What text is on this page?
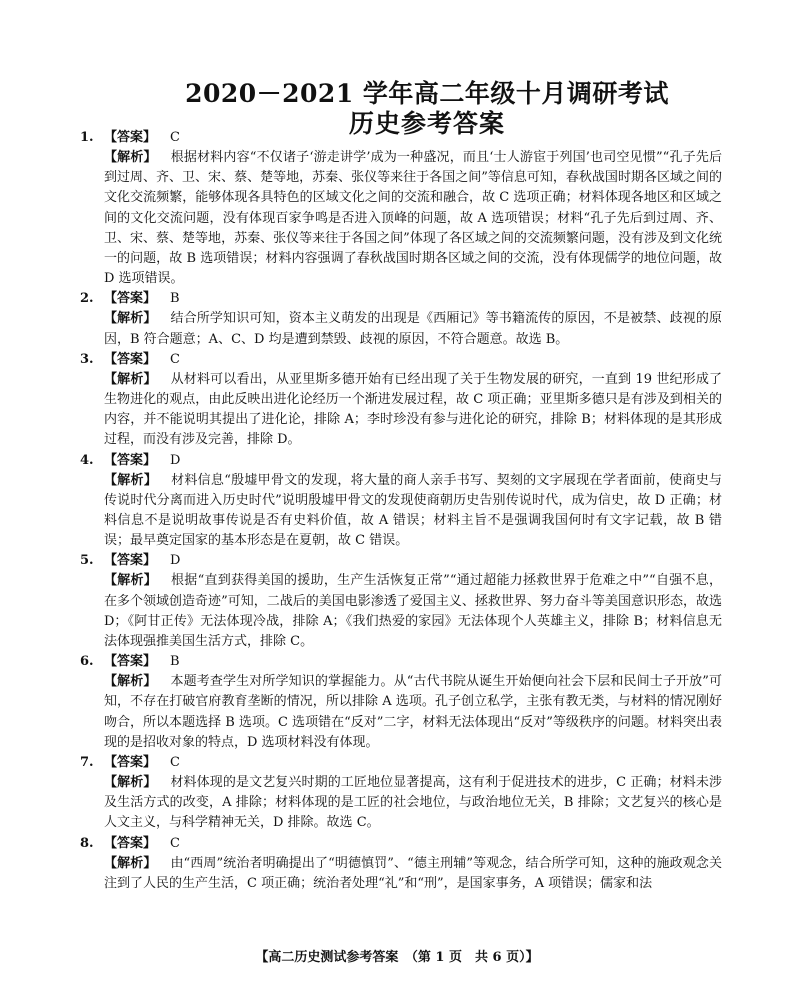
2020－2021 学年高二年级十月调研考试
历史参考答案
1. 【答案】 C

【解析】 根据材料内容“不仅诸子‘游走讲学’成为一种盛况，而且‘士人游宦于列国’也司空见惯”“孔子先后到过周、齐、卫、宋、蔡、楚等地，苏秦、张仪等来往于各国之间”等信息可知，春秋战国时期各区域之间的文化交流频繁，能够体现各具特色的区域文化之间的交流和融合，故 C 选项正确；材料体现各地区和区域之间的文化交流问题，没有体现百家争鸣是否进入顶峰的问题，故 A 选项错误；材料“孔子先后到过周、齐、卫、宋、蔡、楚等地，苏秦、张仪等来往于各国之间”体现了各区域之间的交流频繁问题，没有涉及到文化统一的问题，故 B 选项错误；材料内容强调了春秋战国时期各区域之间的交流，没有体现儒学的地位问题，故 D 选项错误。

2. 【答案】 B

【解析】 结合所学知识可知，资本主义萌发的出现是《西厢记》等书籍流传的原因，不是被禁、歧视的原因，B 符合题意；A、C、D 均是遭到禁毁、歧视的原因，不符合题意。故选 B。

3. 【答案】 C

【解析】 从材料可以看出，从亚里斯多德开始有已经出现了关于生物发展的研究，一直到 19 世纪形成了生物进化的观点，由此反映出进化论经历一个渐进发展过程，故 C 项正确；亚里斯多德只是有涉及到相关的内容，并不能说明其提出了进化论，排除 A；李时珍没有参与进化论的研究，排除 B；材料体现的是其形成过程，而没有涉及完善，排除 D。

4. 【答案】 D

【解析】 材料信息“殷墟甲骨文的发现，将大量的商人亲手书写、契刻的文字展现在学者面前，使商史与传说时代分离而进入历史时代”说明殷墟甲骨文的发现使商朝历史告别传说时代，成为信史，故 D 正确；材料信息不是说明故事传说是否有史料价值，故 A 错误；材料主旨不是强调我国何时有文字记载，故 B 错误；最早奠定国家的基本形态是在夏朝，故 C 错误。

5. 【答案】 D

【解析】 根据“直到获得美国的援助，生产生活恢复正常”“通过超能力拯救世界于危难之中”“自强不息，在多个领域创造奇迹”可知，二战后的美国电影渗透了爱国主义、拯救世界、努力奋斗等美国意识形态，故选 D；《阿甘正传》无法体现冷战，排除 A；《我们热爱的家园》无法体现个人英雄主义，排除 B；材料信息无法体现强推美国生活方式，排除 C。

6. 【答案】 B

【解析】 本题考查学生对所学知识的掌握能力。从“古代书院从诞生开始便向社会下层和民间士子开放”可知，不存在打破官府教育垄断的情况，所以排除 A 选项。孔子创立私学，主张有教无类，与材料的情况刚好吻合，所以本题选择 B 选项。C 选项错在“反对”二字，材料无法体现出“反对”等级秩序的问题。材料突出表现的是招收对象的特点，D 选项材料没有体现。

7. 【答案】 C

【解析】 材料体现的是文艺复兴时期的工匠地位显著提高，这有利于促进技术的进步，C 正确；材料未涉及生活方式的改变，A 排除；材料体现的是工匠的社会地位，与政治地位无关，B 排除；文艺复兴的核心是人文主义，与科学精神无关，D 排除。故选 C。

8. 【答案】 C

【解析】 由“西周”统治者明确提出了“明德慎罚”、“德主刑辅”等观念，结合所学可知，这种的施政观念关注到了人民的生产生活，C 项正确；统治者处理“礼”和“刑”，是国家事务，A 项错误；儒家和法

【高二历史测试参考答案　（第 1 页　共 6 页）】
